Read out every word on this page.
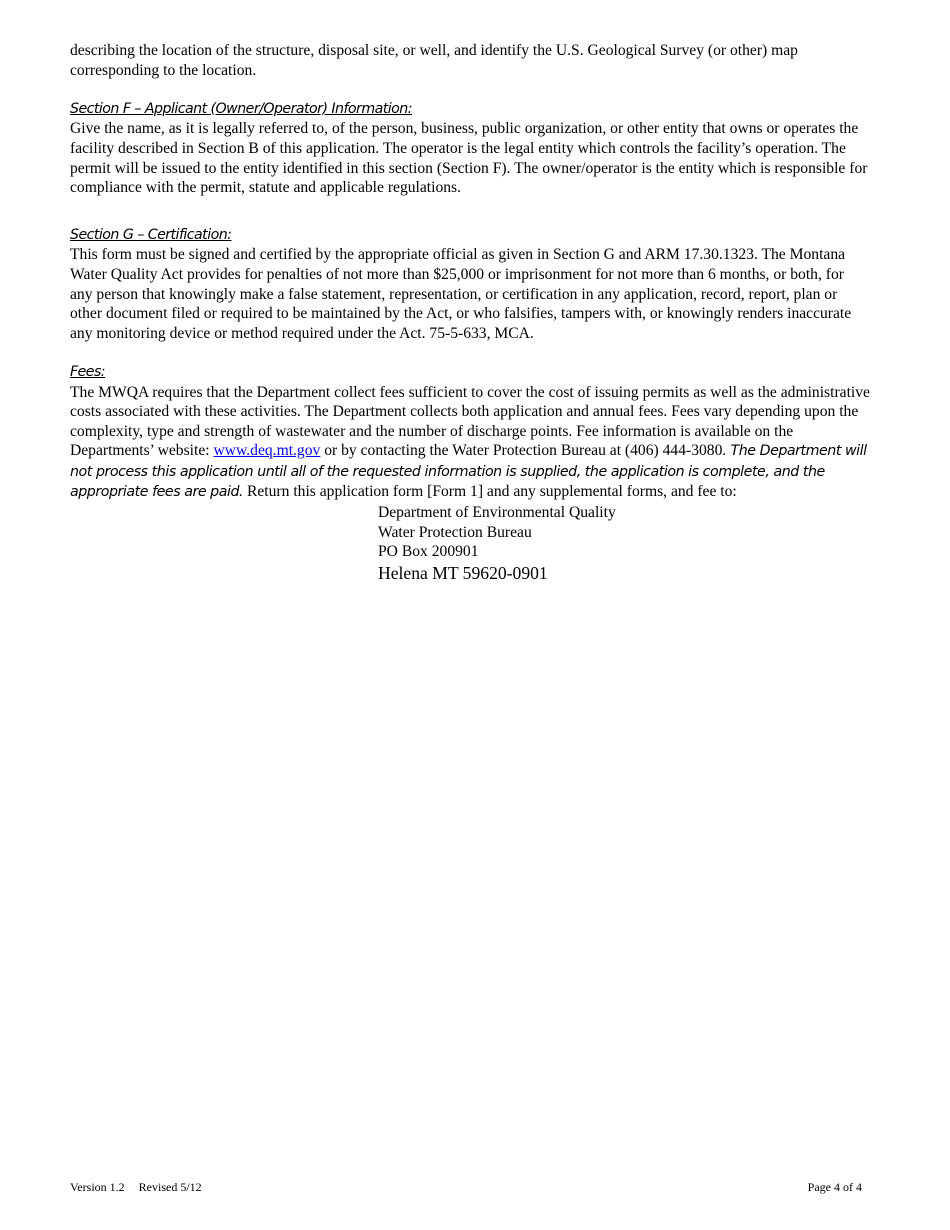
describing the location of the structure, disposal site, or well, and identify the U.S. Geological Survey (or other) map corresponding to the location.

Section F – Applicant (Owner/Operator) Information:

Give the name, as it is legally referred to, of the person, business, public organization, or other entity that owns or operates the facility described in Section B of this application. The operator is the legal entity which controls the facility’s operation. The permit will be issued to the entity identified in this section (Section F). The owner/operator is the entity which is responsible for compliance with the permit, statute and applicable regulations.

Section G – Certification:

This form must be signed and certified by the appropriate official as given in Section G and ARM 17.30.1323. The Montana Water Quality Act provides for penalties of not more than $25,000 or imprisonment for not more than 6 months, or both, for any person that knowingly make a false statement, representation, or certification in any application, record, report, plan or other document filed or required to be maintained by the Act, or who falsifies, tampers with, or knowingly renders inaccurate any monitoring device or method required under the Act. 75-5-633, MCA.

Fees:

The MWQA requires that the Department collect fees sufficient to cover the cost of issuing permits as well as the administrative costs associated with these activities. The Department collects both application and annual fees. Fees vary depending upon the complexity, type and strength of wastewater and the number of discharge points. Fee information is available on the Departments’ website: www.deq.mt.gov or by contacting the Water Protection Bureau at (406) 444-3080. The Department will not process this application until all of the requested information is supplied, the application is complete, and the appropriate fees are paid. Return this application form [Form 1] and any supplemental forms, and fee to:

Department of Environmental Quality
Water Protection Bureau
PO Box 200901
Helena MT 59620-0901
Version 1.2 Revised 5/12	Page 4 of 4
